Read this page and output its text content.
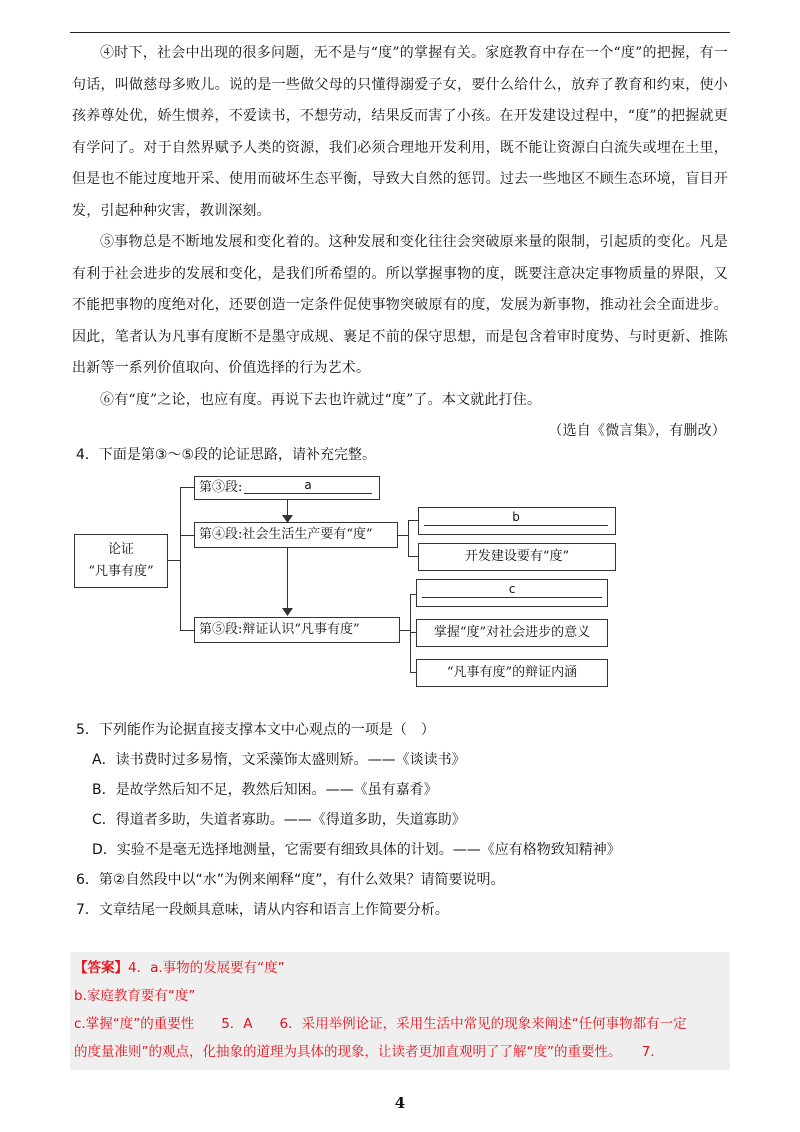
④时下，社会中出现的很多问题，无不是与“度”的掌握有关。家庭教育中存在一个“度”的把握，有一句话，叫做慈母多败儿。说的是一些做父母的只懂得溺爱子女，要什么给什么，放弃了教育和约束，使小孩养尊处优，娇生惯养，不爱读书，不想劳动，结果反而害了小孩。在开发建设过程中，“度”的把握就更有学问了。对于自然界赋予人类的资源，我们必须合理地开发利用，既不能让资源白白流失或埋在土里，但是也不能过度地开采、使用而破坏生态平衡，导致大自然的惩罚。过去一些地区不顾生态环境，盲目开发，引起种种灾害，教训深刻。

⑤事物总是不断地发展和变化着的。这种发展和变化往往会突破原来量的限制，引起质的变化。凡是有利于社会进步的发展和变化，是我们所希望的。所以掌握事物的度，既要注意决定事物质量的界限，又不能把事物的度绝对化，还要创造一定条件促使事物突破原有的度，发展为新事物，推动社会全面进步。因此，笔者认为凡事有度断不是墨守成规、裹足不前的保守思想，而是包含着审时度势、与时更新、推陈出新等一系列价值取向、价值选择的行为艺术。

⑥有“度”之论，也应有度。再说下去也许就过“度”了。本文就此打住。

（选自《微言集》，有删改）

4．下面是第③～⑤段的论证思路，请补充完整。
论证
“凡事有度”
第③段:	a
第④段:社会生活生产要有“度”
b
开发建设要有“度”
第⑤段:辩证认识“凡事有度”
c
掌握“度”对社会进步的意义
“凡事有度”的辩证内涵
5．下列能作为论据直接支撑本文中心观点的一项是（　）
A．读书费时过多易惰，文采藻饰太盛则矫。——《谈读书》
B．是故学然后知不足，教然后知困。——《虽有嘉肴》
C．得道者多助，失道者寡助。——《得道多助，失道寡助》
D．实验不是毫无选择地测量，它需要有细致具体的计划。——《应有格物致知精神》
6．第②自然段中以“水”为例来阐释“度”，有什么效果？请简要说明。
7．文章结尾一段颇具意味，请从内容和语言上作简要分析。
【答案】4．a.事物的发展要有“度”
b.家庭教育要有“度”
c.掌握“度”的重要性　　5．A　　6．采用举例论证，采用生活中常见的现象来阐述“任何事物都有一定
的度量准则”的观点，化抽象的道理为具体的现象，让读者更加直观明了了解“度”的重要性。　　7．
4
